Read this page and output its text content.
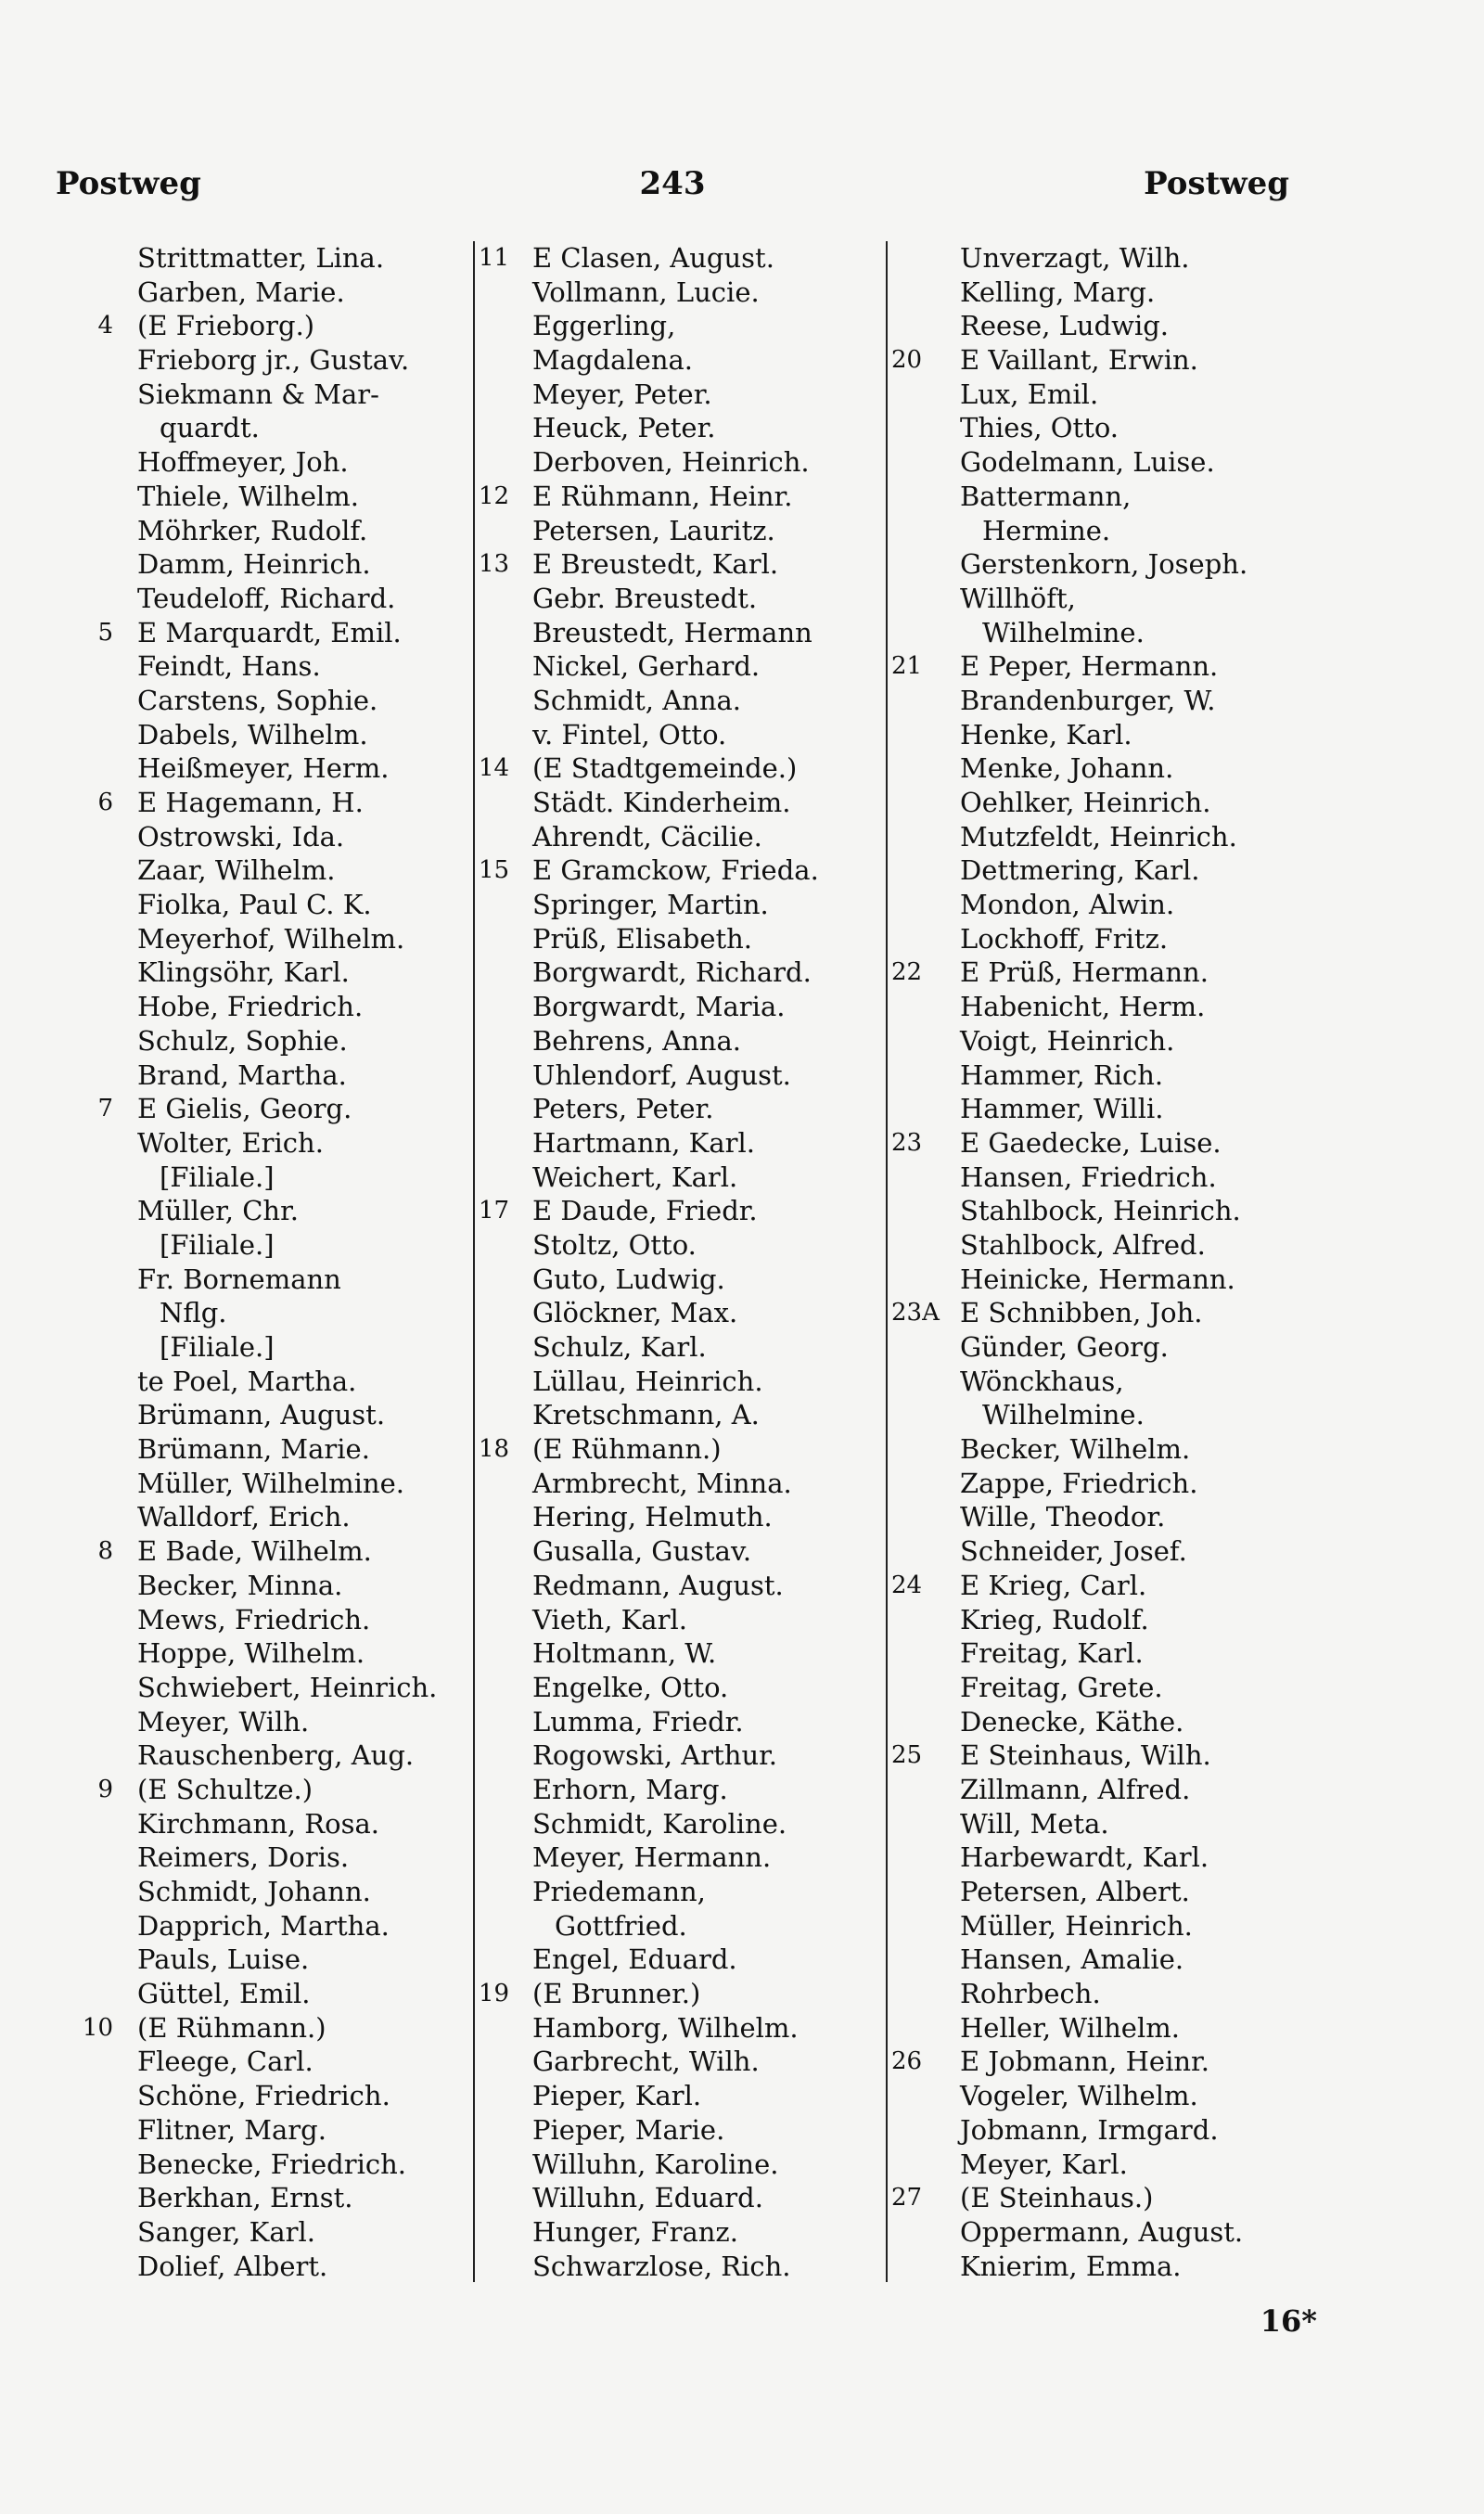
Postweg	243	Postweg
Strittmatter, Lina.
Garben, Marie.
4 (E Frieborg.)
Frieborg jr., Gustav.
Siekmann & Mar-
quardt.
Hoffmeyer, Joh.
Thiele, Wilhelm.
Möhrker, Rudolf.
Damm, Heinrich.
Teudeloff, Richard.
5 E Marquardt, Emil.
Feindt, Hans.
Carstens, Sophie.
Dabels, Wilhelm.
Heißmeyer, Herm.
6 E Hagemann, H.
Ostrowski, Ida.
Zaar, Wilhelm.
Fiolka, Paul C. K.
Meyerhof, Wilhelm.
Klingsöhr, Karl.
Hobe, Friedrich.
Schulz, Sophie.
Brand, Martha.
7 E Gielis, Georg.
Wolter, Erich.
[Filiale.]
Müller, Chr.
[Filiale.]
Fr. Bornemann
Nflg.
[Filiale.]
te Poel, Martha.
Brümann, August.
Brümann, Marie.
Müller, Wilhelmine.
Walldorf, Erich.
8 E Bade, Wilhelm.
Becker, Minna.
Mews, Friedrich.
Hoppe, Wilhelm.
Schwiebert, Heinrich.
Meyer, Wilh.
Rauschenberg, Aug.
9 (E Schultze.)
Kirchmann, Rosa.
Reimers, Doris.
Schmidt, Johann.
Dapprich, Martha.
Pauls, Luise.
Güttel, Emil.
10 (E Rühmann.)
Fleege, Carl.
Schöne, Friedrich.
Flitner, Marg.
Benecke, Friedrich.
Berkhan, Ernst.
Sanger, Karl.
Dolief, Albert.
11 E Clasen, August.
Vollmann, Lucie.
Eggerling,
Magdalena.
Meyer, Peter.
Heuck, Peter.
Derboven, Heinrich.
12 E Rühmann, Heinr.
Petersen, Lauritz.
13 E Breustedt, Karl.
Gebr. Breustedt.
Breustedt, Hermann
Nickel, Gerhard.
Schmidt, Anna.
v. Fintel, Otto.
14 (E Stadtgemeinde.)
Städt. Kinderheim.
Ahrendt, Cäcilie.
15 E Gramckow, Frieda.
Springer, Martin.
Prüß, Elisabeth.
Borgwardt, Richard.
Borgwardt, Maria.
Behrens, Anna.
Uhlendorf, August.
Peters, Peter.
Hartmann, Karl.
Weichert, Karl.
17 E Daude, Friedr.
Stoltz, Otto.
Guto, Ludwig.
Glöckner, Max.
Schulz, Karl.
Lüllau, Heinrich.
Kretschmann, A.
18 (E Rühmann.)
Armbrecht, Minna.
Hering, Helmuth.
Gusalla, Gustav.
Redmann, August.
Vieth, Karl.
Holtmann, W.
Engelke, Otto.
Lumma, Friedr.
Rogowski, Arthur.
Erhorn, Marg.
Schmidt, Karoline.
Meyer, Hermann.
Priedemann,
Gottfried.
Engel, Eduard.
19 (E Brunner.)
Hamborg, Wilhelm.
Garbrecht, Wilh.
Pieper, Karl.
Pieper, Marie.
Willuhn, Karoline.
Willuhn, Eduard.
Hunger, Franz.
Schwarzlose, Rich.
Unverzagt, Wilh.
Kelling, Marg.
Reese, Ludwig.
20	E Vaillant, Erwin.
Lux, Emil.
Thies, Otto.
Godelmann, Luise.
Battermann,
Hermine.
Gerstenkorn, Joseph.
Willhöft,
Wilhelmine.
21	E Peper, Hermann.
Brandenburger, W.
Henke, Karl.
Menke, Johann.
Oehlker, Heinrich.
Mutzfeldt, Heinrich.
Dettmering, Karl.
Mondon, Alwin.
Lockhoff, Fritz.
22	E Prüß, Hermann.
Habenicht, Herm.
Voigt, Heinrich.
Hammer, Rich.
Hammer, Willi.
23	E Gaedecke, Luise.
Hansen, Friedrich.
Stahlbock, Heinrich.
Stahlbock, Alfred.
Heinicke, Hermann.
23A E Schnibben, Joh.
Günder, Georg.
Wönckhaus,
Wilhelmine.
Becker, Wilhelm.
Zappe, Friedrich.
Wille, Theodor.
Schneider, Josef.
24	E Krieg, Carl.
Krieg, Rudolf.
Freitag, Karl.
Freitag, Grete.
Denecke, Käthe.
25	E Steinhaus, Wilh.
Zillmann, Alfred.
Will, Meta.
Harbewardt, Karl.
Petersen, Albert.
Müller, Heinrich.
Hansen, Amalie.
Rohrbech.
Heller, Wilhelm.
26	E Jobmann, Heinr.
Vogeler, Wilhelm.
Jobmann, Irmgard.
Meyer, Karl.
27	(E Steinhaus.)
Oppermann, August.
Knierim, Emma.
16*
